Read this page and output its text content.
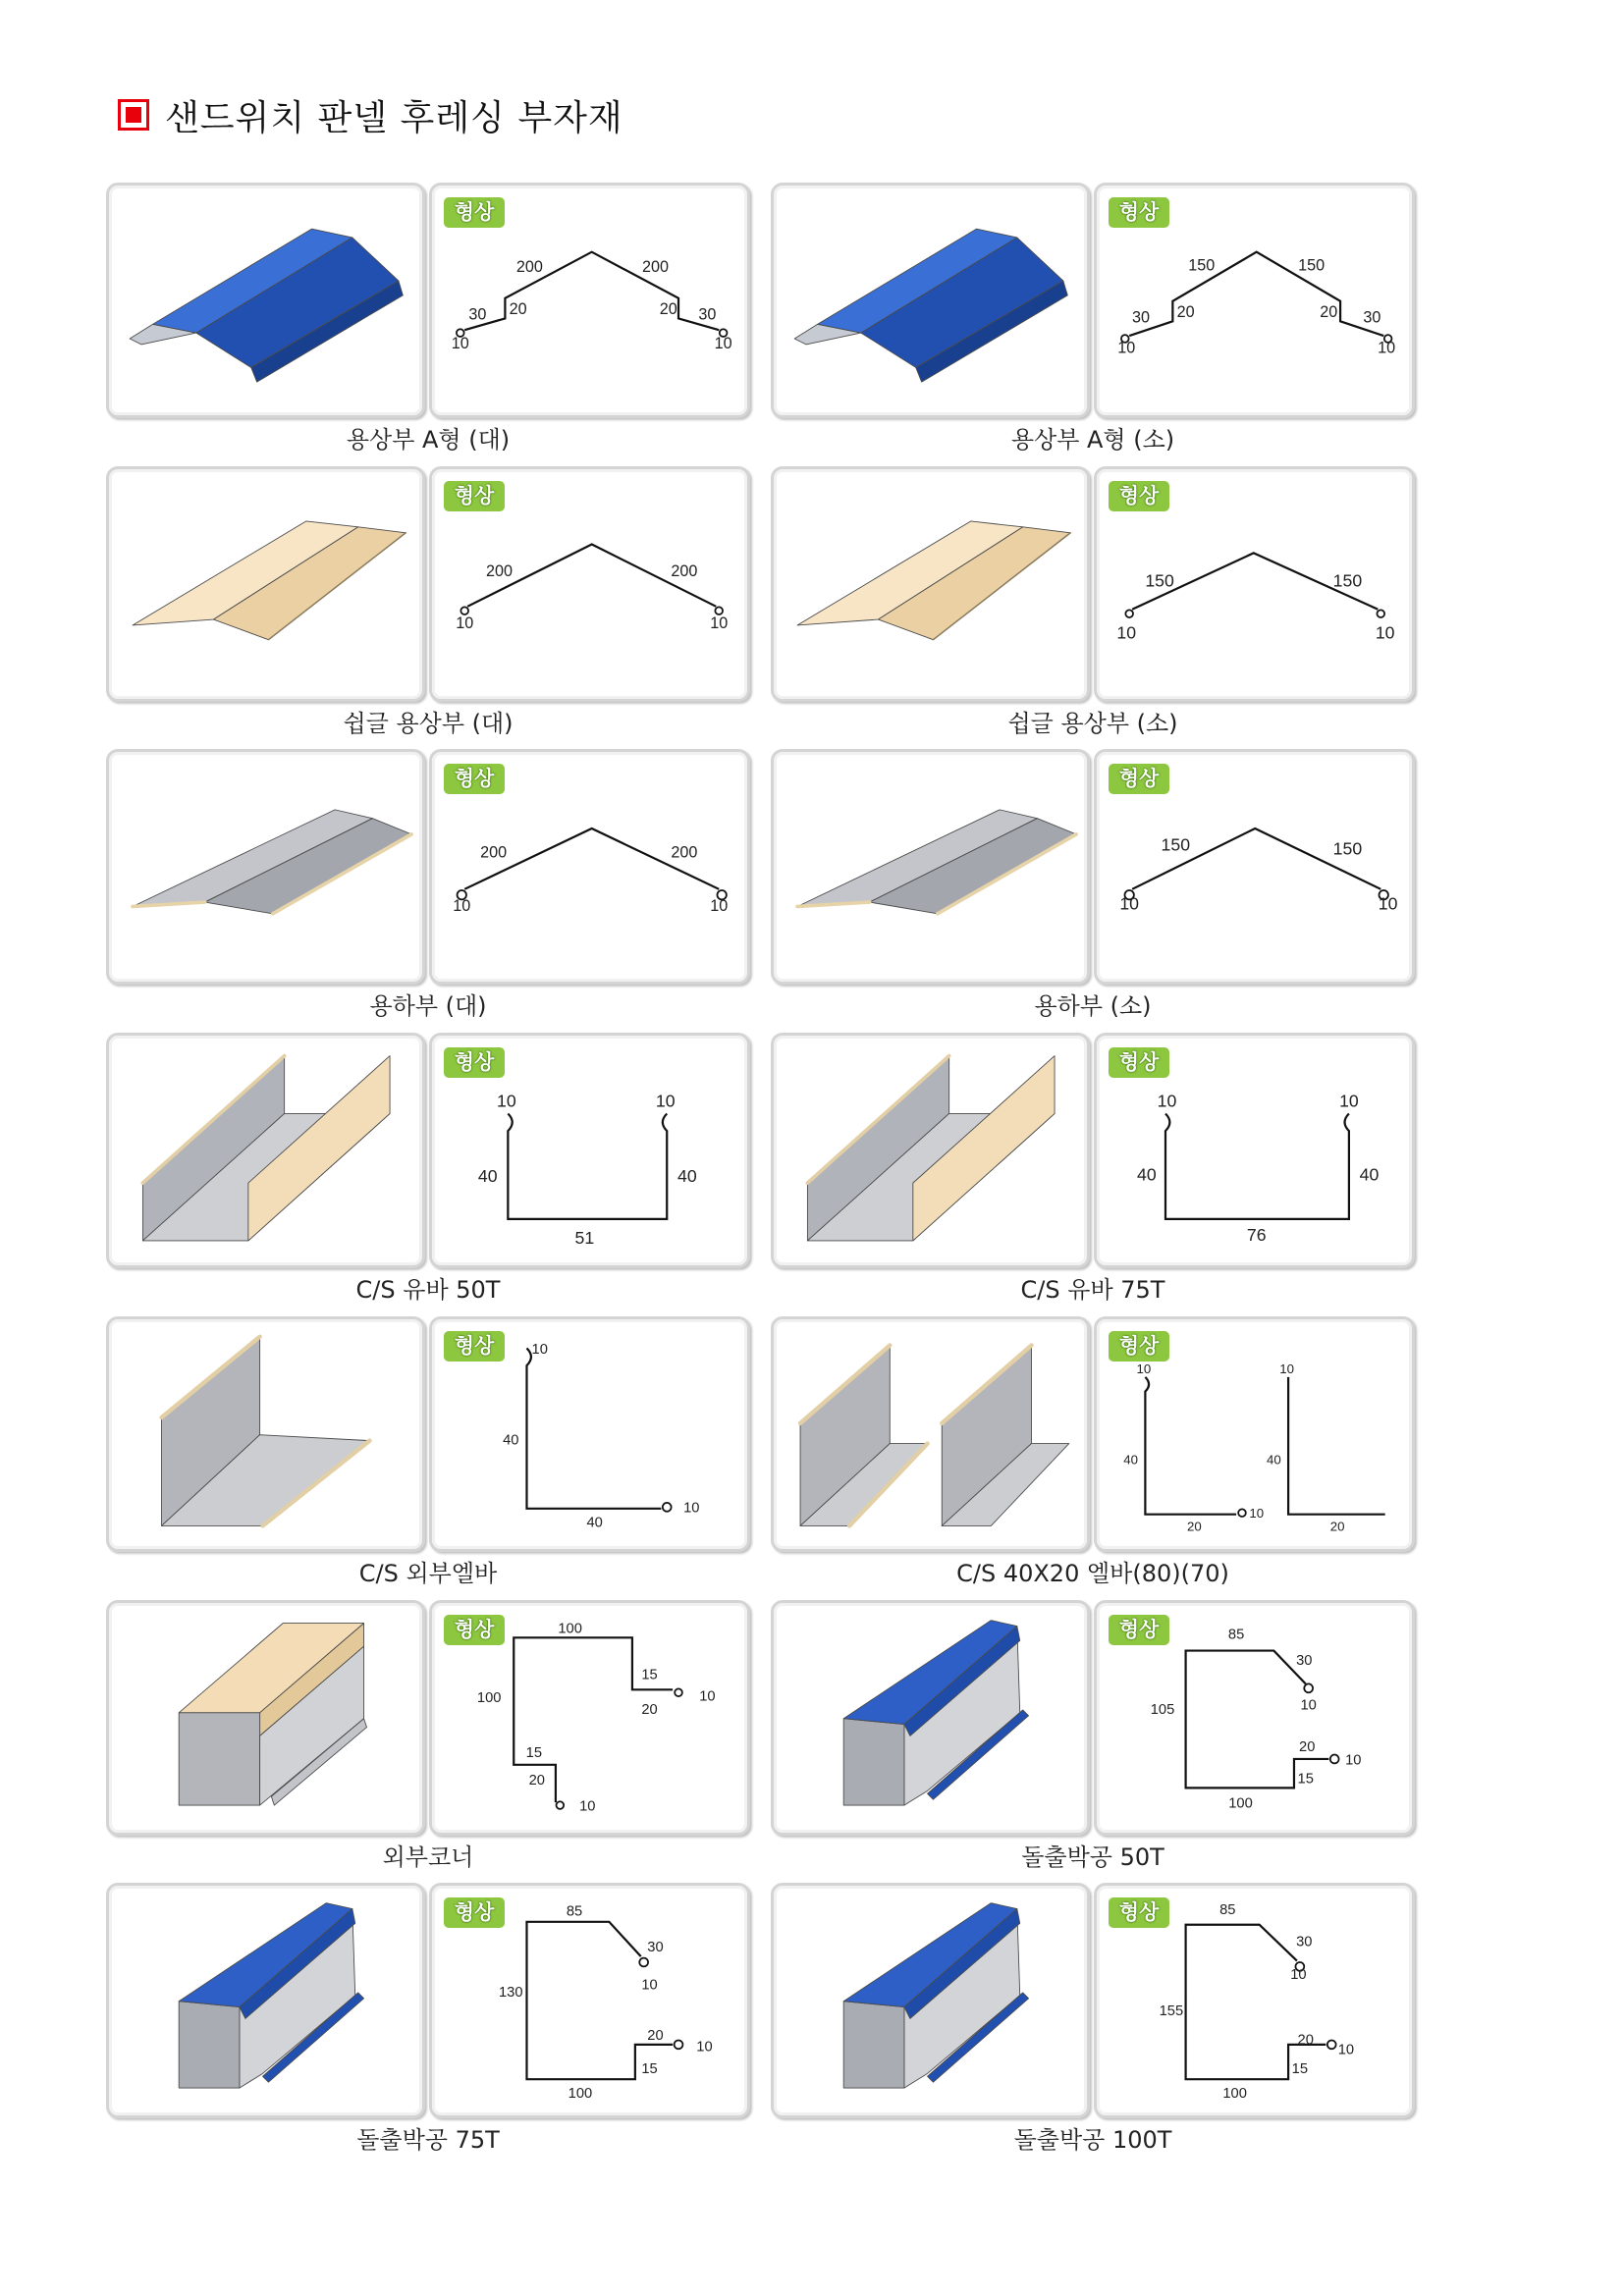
샌드위치 판넬 후레싱 부자재
형상
200	200
20
30
10
20 30
10
용상부 A형 (대)
형상
150	150
20
30
10
20 30
10
용상부 A형 (소)
형상
200	200
10	10
쉽글 용상부 (대)
형상
150	150
10	10
쉽글 용상부 (소)
형상
200	200
10	10
용하부 (대)
형상
150	150
10	10
용하부 (소)
형상
10	10
40	40
51
C/S 유바 50T
형상
10	10
40	40
76
C/S 유바 75T
형상	10
40
40
10
C/S 외부엘바
형상
10
40
20
10
10
40
20
C/S 40X20 엘바(80)(70)
형상	100
15
20
10
100
15
20
10
외부코너
형상	85
30
10
105
100
15
20
10
돌출박공 50T
형상	85
30
10
130
100
15
20
10
돌출박공 75T
형상	85
30
10
155
100
15
20
10
돌출박공 100T
